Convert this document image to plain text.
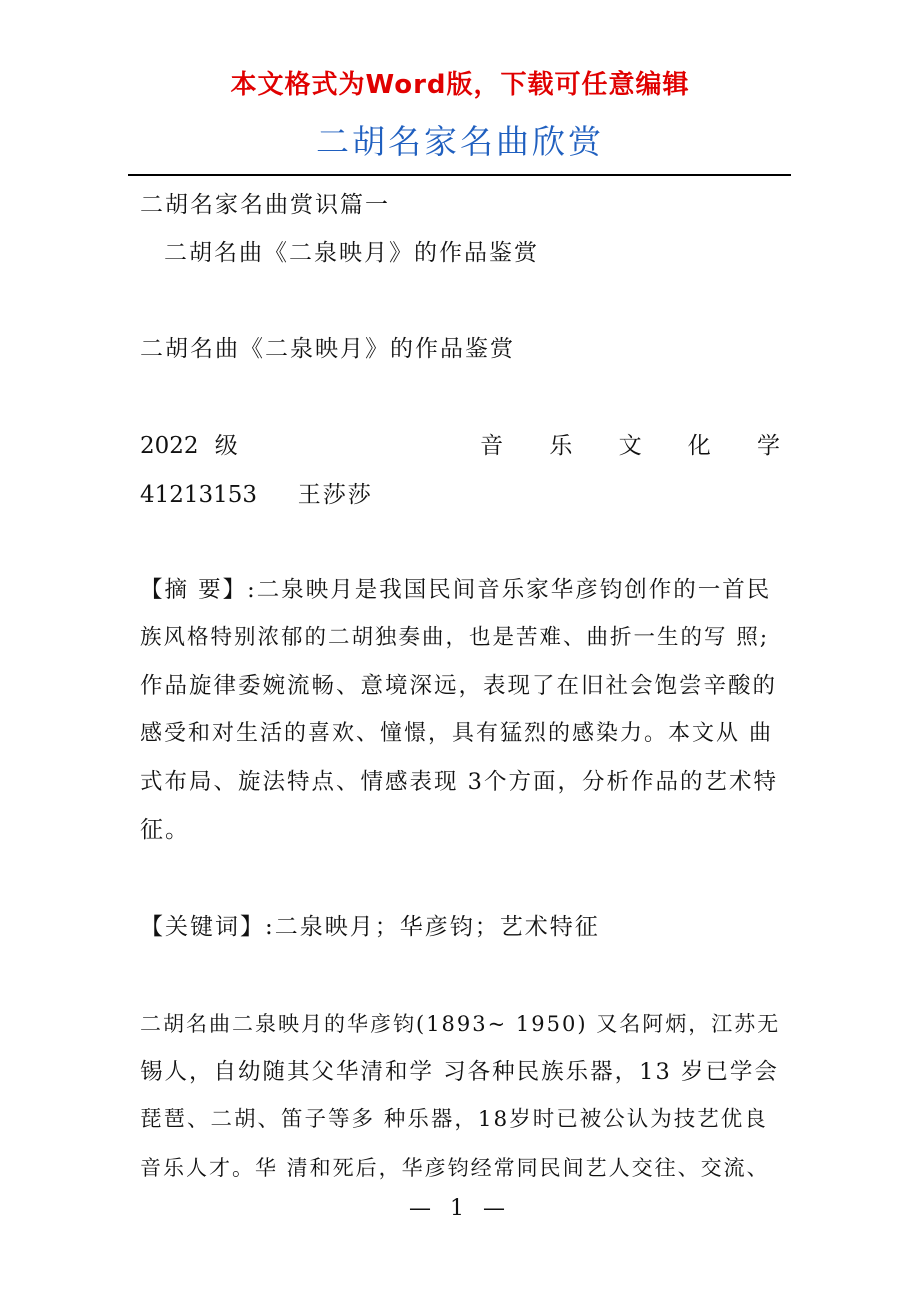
本文格式为Word版，下载可任意编辑
二胡名家名曲欣赏
二胡名家名曲赏识篇一
二胡名曲《二泉映月》的作品鉴赏
二胡名曲《二泉映月》的作品鉴赏
2022 级	音 乐 文 化 学
41213153 王莎莎
【摘 要】:二泉映月是我国民间音乐家华彦钧创作的一首民
族风格特别浓郁的二胡独奏曲，也是苦难、曲折一生的写 照;
作品旋律委婉流畅、意境深远，表现了在旧社会饱尝辛酸的
感受和对生活的喜欢、憧憬，具有猛烈的感染力。本文从 曲
式布局、旋法特点、情感表现 3个方面，分析作品的艺术特
征。
【关键词】:二泉映月；华彦钧；艺术特征
二胡名曲二泉映月的华彦钧(1893~ 1950) 又名阿炳，江苏无
锡人，自幼随其父华清和学 习各种民族乐器，13 岁已学会
琵琶、二胡、笛子等多 种乐器，18岁时已被公认为技艺优良
音乐人才。华 清和死后，华彦钧经常同民间艺人交往、交流、
— 1 —
